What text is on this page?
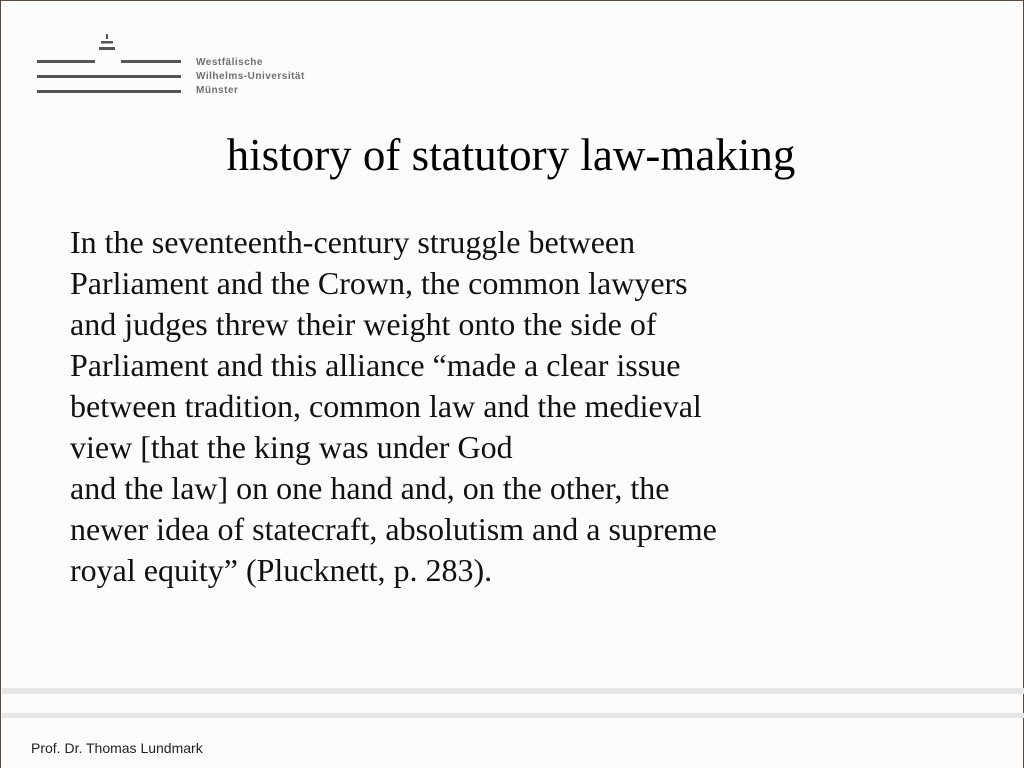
Westfälische
Wilhelms-Universität
Münster
history of statutory law-making
In the seventeenth-century struggle between
Parliament and the Crown, the common lawyers
and judges threw their weight onto the side of
Parliament and this alliance “made a clear issue
between tradition, common law and the medieval
view [that the king was under God
and the law] on one hand and, on the other, the
newer idea of statecraft, absolutism and a supreme
royal equity” (Plucknett, p. 283).
Prof. Dr. Thomas Lundmark
